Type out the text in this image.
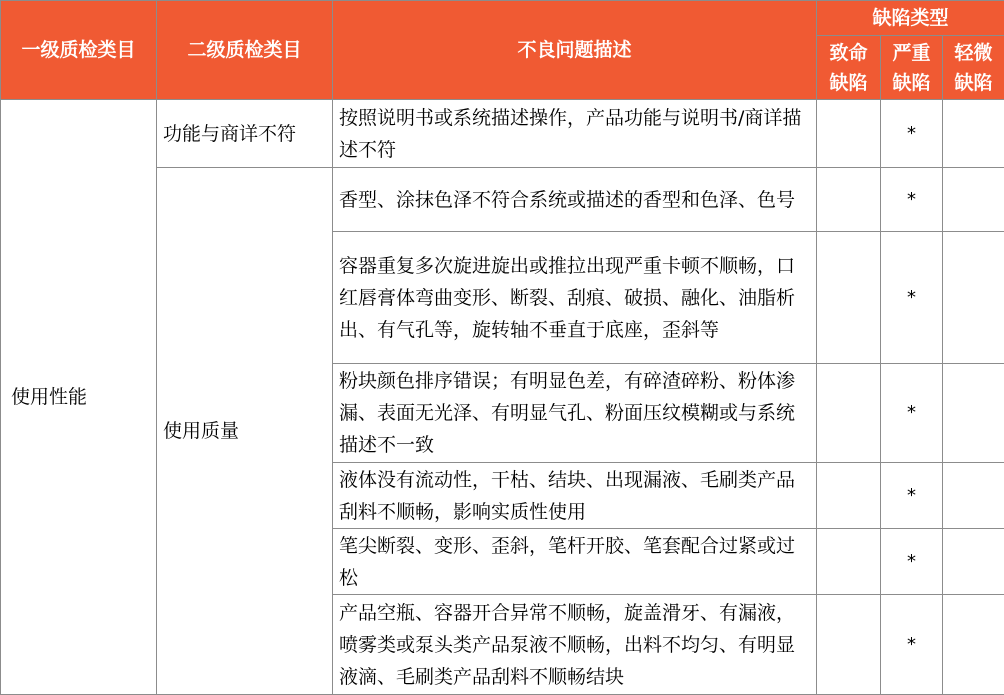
一级质检类目	二级质检类目	不良问题描述	缺陷类型		
			致命缺陷	严重缺陷	轻微缺陷
使用性能	功能与商详不符	按照说明书或系统描述操作，产品功能与说明书/商详描述不符		*	
	使用质量	香型、涂抹色泽不符合系统或描述的香型和色泽、色号		*	
		容器重复多次旋进旋出或推拉出现严重卡顿不顺畅，口红唇膏体弯曲变形、断裂、刮痕、破损、融化、油脂析出、有气孔等，旋转轴不垂直于底座，歪斜等		*	
		粉块颜色排序错误；有明显色差，有碎渣碎粉、粉体渗漏、表面无光泽、有明显气孔、粉面压纹模糊或与系统描述不一致		*	
		液体没有流动性，干枯、结块、出现漏液、毛刷类产品刮料不顺畅，影响实质性使用		*	
		笔尖断裂、变形、歪斜，笔杆开胶、笔套配合过紧或过松		*	
		产品空瓶、容器开合异常不顺畅，旋盖滑牙、有漏液，喷雾类或泵头类产品泵液不顺畅，出料不均匀、有明显液滴、毛刷类产品刮料不顺畅结块		*	
